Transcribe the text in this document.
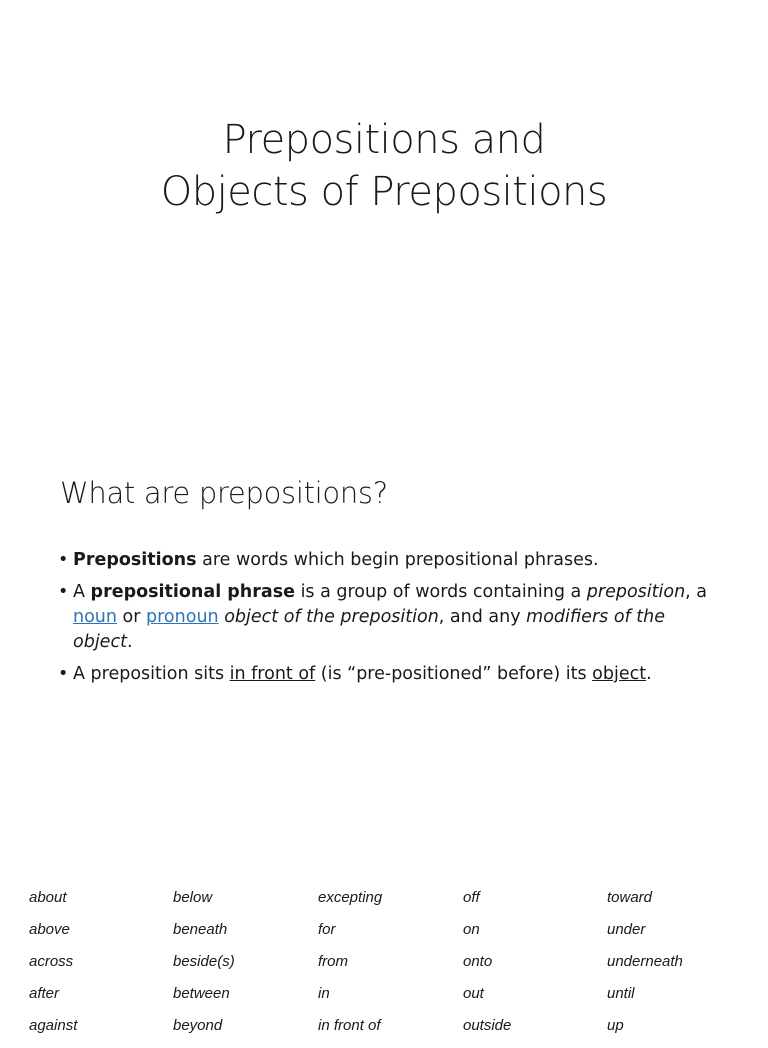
Prepositions and
Objects of Prepositions
What are prepositions?
• Prepositions are words which begin prepositional phrases.
• A prepositional phrase is a group of words containing a preposition, a noun or pronoun object of the preposition, and any modifiers of the object.
• A preposition sits in front of (is “pre-positioned” before) its object.
about	below	excepting	off	toward
above	beneath	for	on	under
across	beside(s)	from	onto	underneath
after	between	in	out	until
against	beyond	in front of	outside	up
